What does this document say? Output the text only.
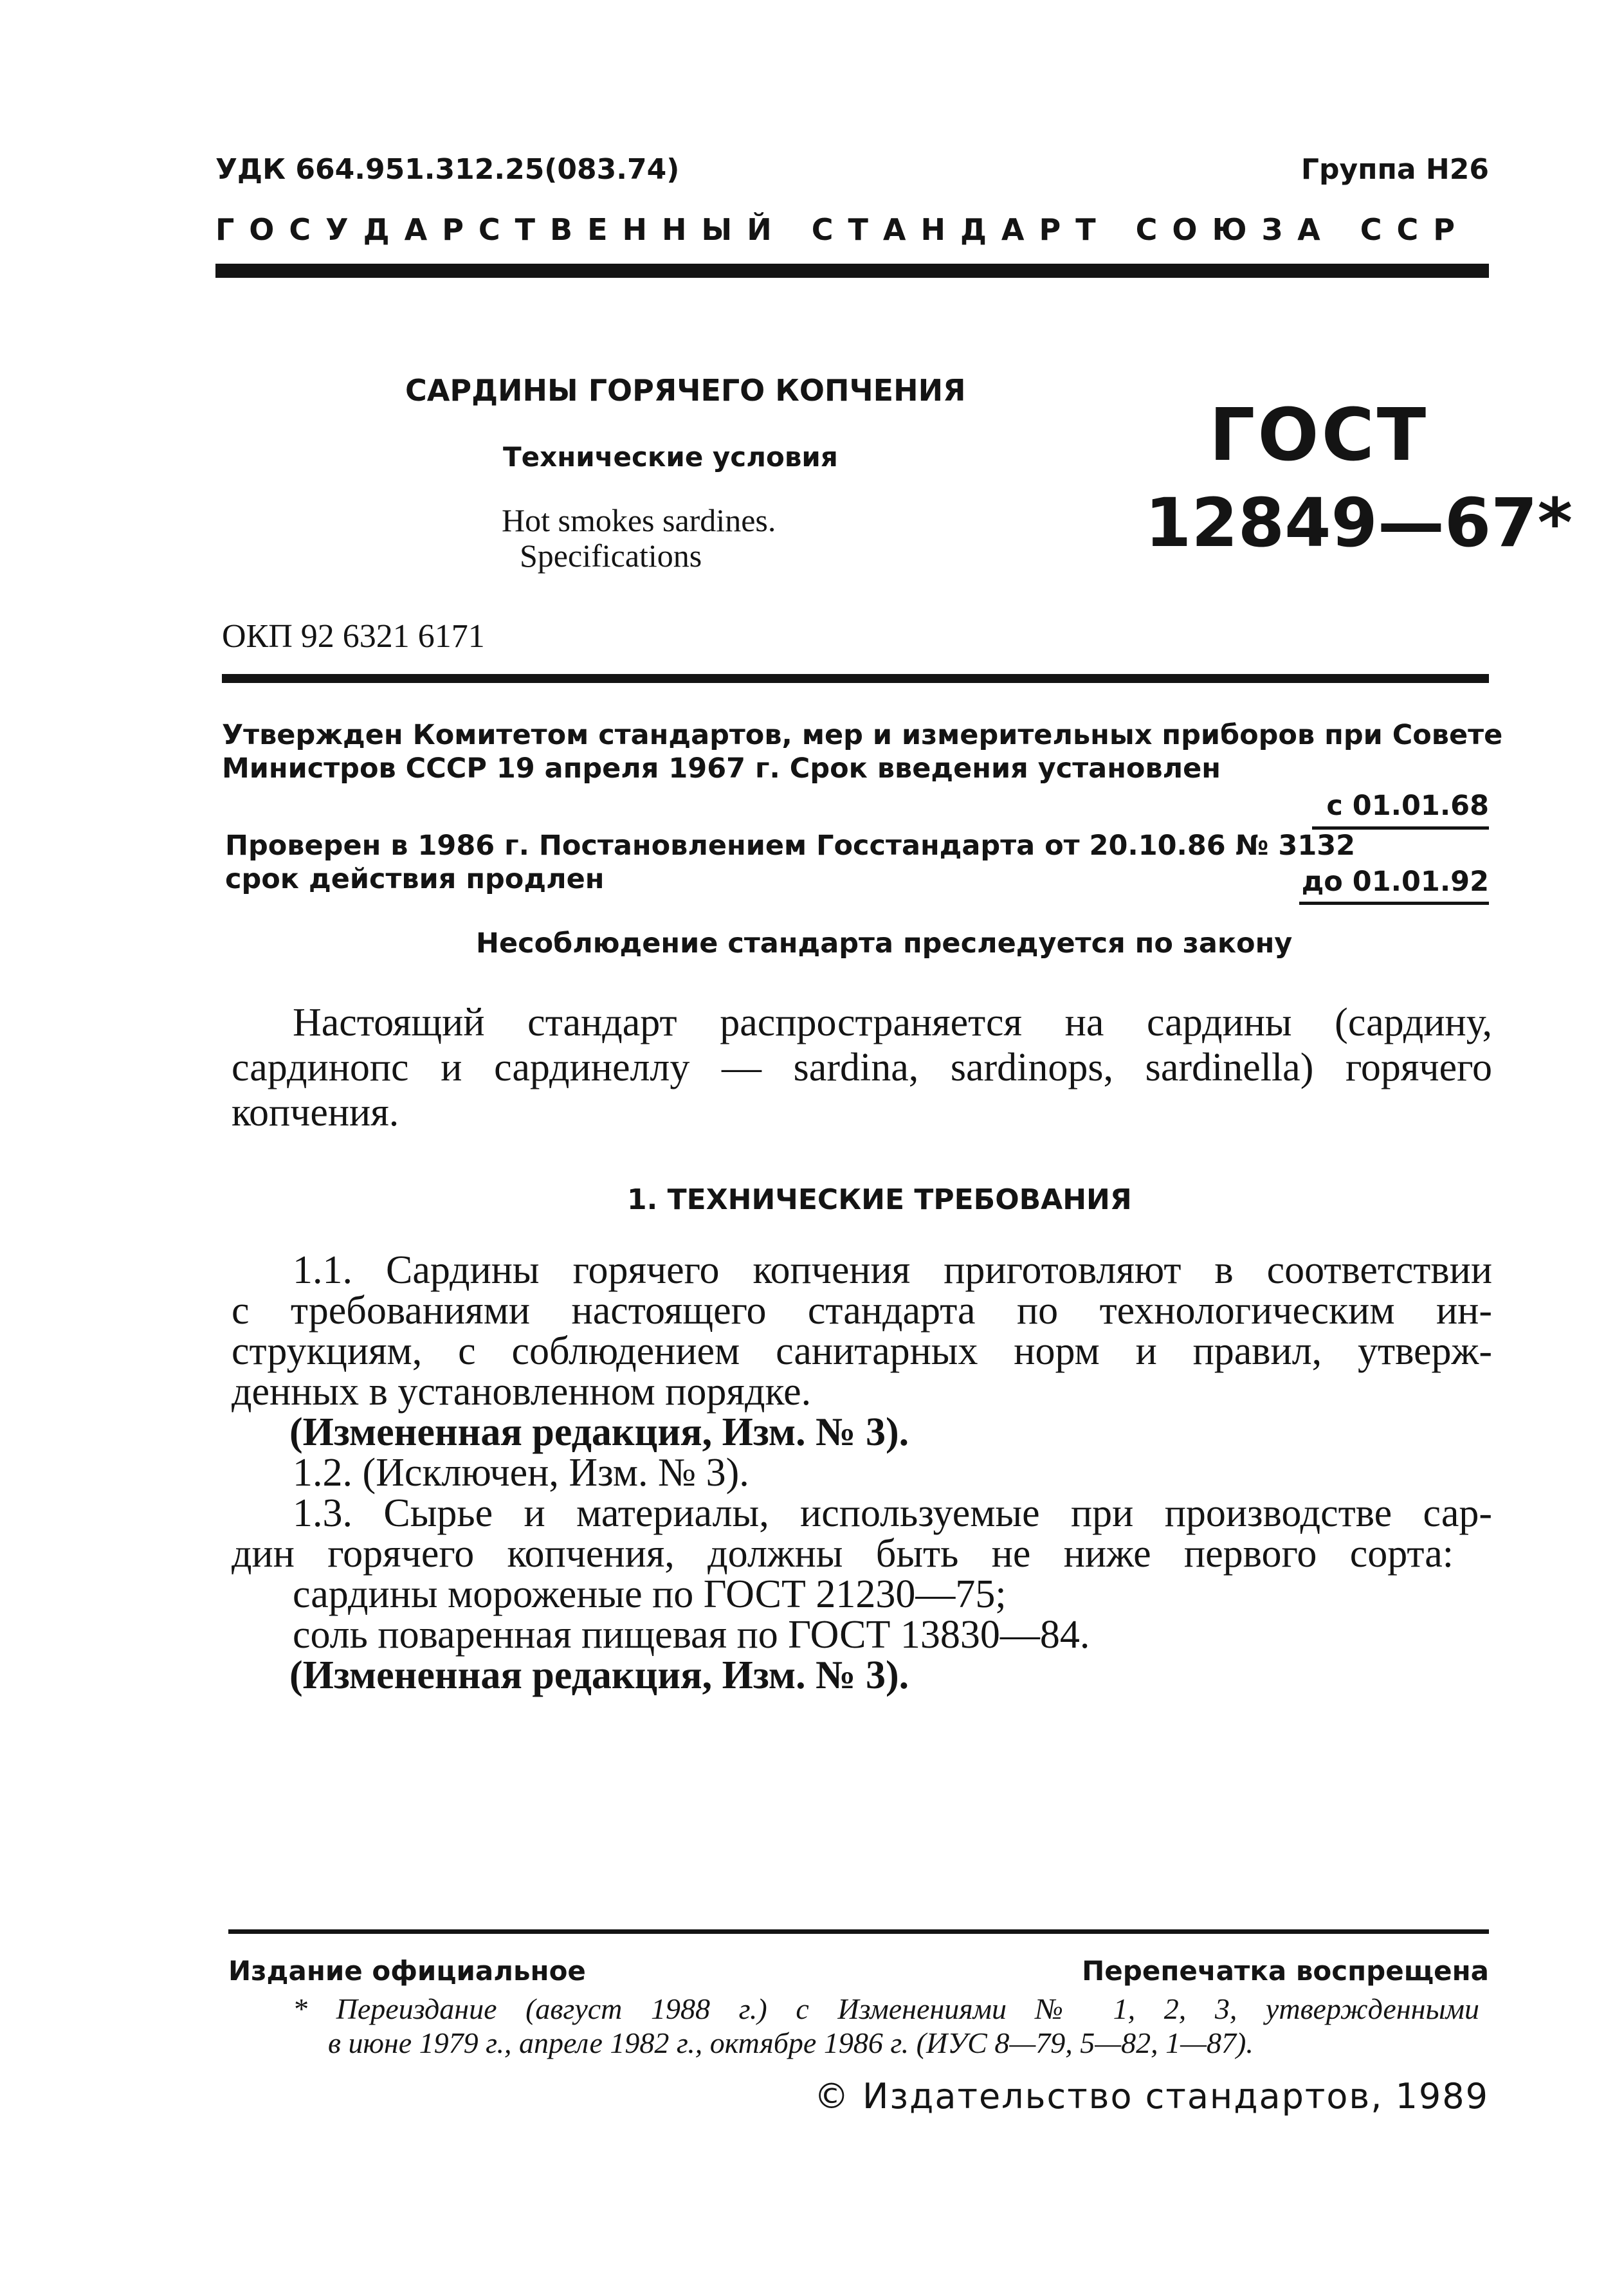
УДК 664.951.312.25(083.74)	Группа Н26
ГОСУДАРСТВЕННЫЙ СТАНДАРТ СОЮЗА ССР
САРДИНЫ ГОРЯЧЕГО КОПЧЕНИЯ
Технические условия
Hot smokes sardines.
Specifications
ГОСТ
12849—67*
ОКП 92 6321 6171
Утвержден Комитетом стандартов, мер и измерительных приборов при Совете
Министров СССР 19 апреля 1967 г. Срок введения установлен
с 01.01.68
Проверен в 1986 г. Постановлением Госстандарта от 20.10.86 № 3132
срок действия продлен	до 01.01.92
Несоблюдение стандарта преследуется по закону
Настоящий стандарт распространяется на сардины (сардину,
сардинопс и сардинеллу — sardina, sardinops, sardinella) горячего
копчения.
1. ТЕХНИЧЕСКИЕ ТРЕБОВАНИЯ
1.1. Сардины горячего копчения приготовляют в соответствии
с требованиями настоящего стандарта по технологическим ин-
струкциям, с соблюдением санитарных норм и правил, утверж-
денных в установленном порядке.
(Измененная редакция, Изм. № 3).
1.2. (Исключен, Изм. № 3).
1.3. Сырье и материалы, используемые при производстве сар-
дин горячего копчения, должны быть не ниже первого сорта:
сардины мороженые по ГОСТ 21230—75;
соль поваренная пищевая по ГОСТ 13830—84.
(Измененная редакция, Изм. № 3).
Издание официальное	Перепечатка воспрещена
* Переиздание (август 1988 г.) с Изменениями № 1, 2, 3, утвержденными
в июне 1979 г., апреле 1982 г., октябре 1986 г. (ИУС 8—79, 5—82, 1—87).
© Издательство стандартов, 1989
